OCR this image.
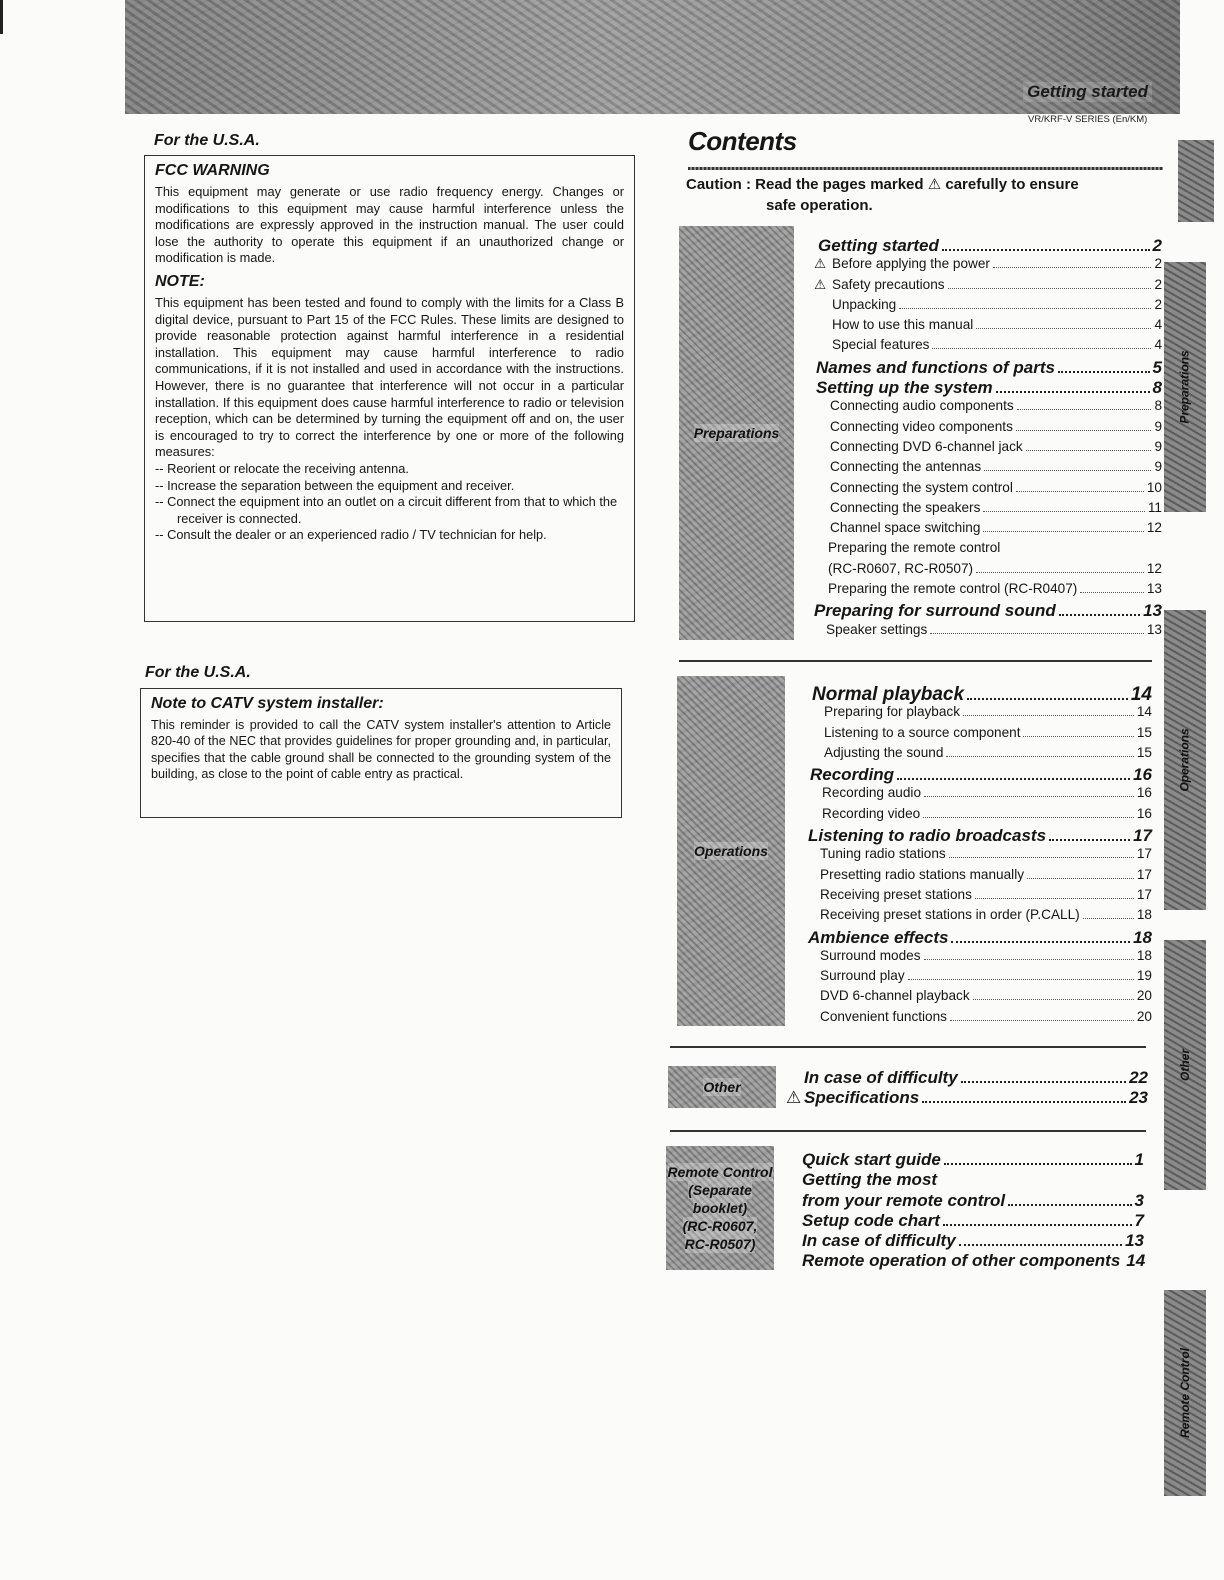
Getting started
VR/KRF-V SERIES (En/KM)
For the U.S.A.
FCC WARNING

This equipment may generate or use radio frequency energy. Changes or modifications to this equipment may cause harmful interference unless the modifications are expressly approved in the instruction manual. The user could lose the authority to operate this equipment if an unauthorized change or modification is made.

NOTE:

This equipment has been tested and found to comply with the limits for a Class B digital device, pursuant to Part 15 of the FCC Rules. These limits are designed to provide reasonable protection against harmful interference in a residential installation. This equipment may cause harmful interference to radio communications, if it is not installed and used in accordance with the instructions. However, there is no guarantee that interference will not occur in a particular installation. If this equipment does cause harmful interference to radio or television reception, which can be determined by turning the equipment off and on, the user is encouraged to try to correct the interference by one or more of the following measures:

-- Reorient or relocate the receiving antenna.
-- Increase the separation between the equipment and receiver.
-- Connect the equipment into an outlet on a circuit different from that to which the receiver is connected.
-- Consult the dealer or an experienced radio / TV technician for help.
For the U.S.A.
Note to CATV system installer:

This reminder is provided to call the CATV system installer's attention to Article 820-40 of the NEC that provides guidelines for proper grounding and, in particular, specifies that the cable ground shall be connected to the grounding system of the building, as close to the point of cable entry as practical.

Contents
Caution : Read the pages marked ⚠ carefully to ensure
safe operation.
Preparations
Getting started	2
⚠ Before applying the power	2
⚠ Safety precautions	2
Unpacking	2
How to use this manual	4
Special features	4
Names and functions of parts	5
Setting up the system	8
Connecting audio components	8
Connecting video components	9
Connecting DVD 6-channel jack	9
Connecting the antennas	9
Connecting the system control	10
Connecting the speakers	11
Channel space switching	12
Preparing the remote control
(RC-R0607, RC-R0507)	12
Preparing the remote control (RC-R0407)	13
Preparing for surround sound	13
Speaker settings	13
Operations
Normal playback	14
Preparing for playback	14
Listening to a source component	15
Adjusting the sound	15
Recording	16
Recording audio	16
Recording video	16
Listening to radio broadcasts	17
Tuning radio stations	17
Presetting radio stations manually	17
Receiving preset stations	17
Receiving preset stations in order (P.CALL)	18
Ambience effects	18
Surround modes	18
Surround play	19
DVD 6-channel playback	20
Convenient functions	20
Other	In case of difficulty	22
⚠ Specifications	23
Remote Control
(Separate
booklet)
(RC-R0607,
RC-R0507)
Quick start guide	1
Getting the most
from your remote control	3
Setup code chart	7
In case of difficulty	13
Remote operation of other components 14
Preparations
Operations
Other
Remote Control
